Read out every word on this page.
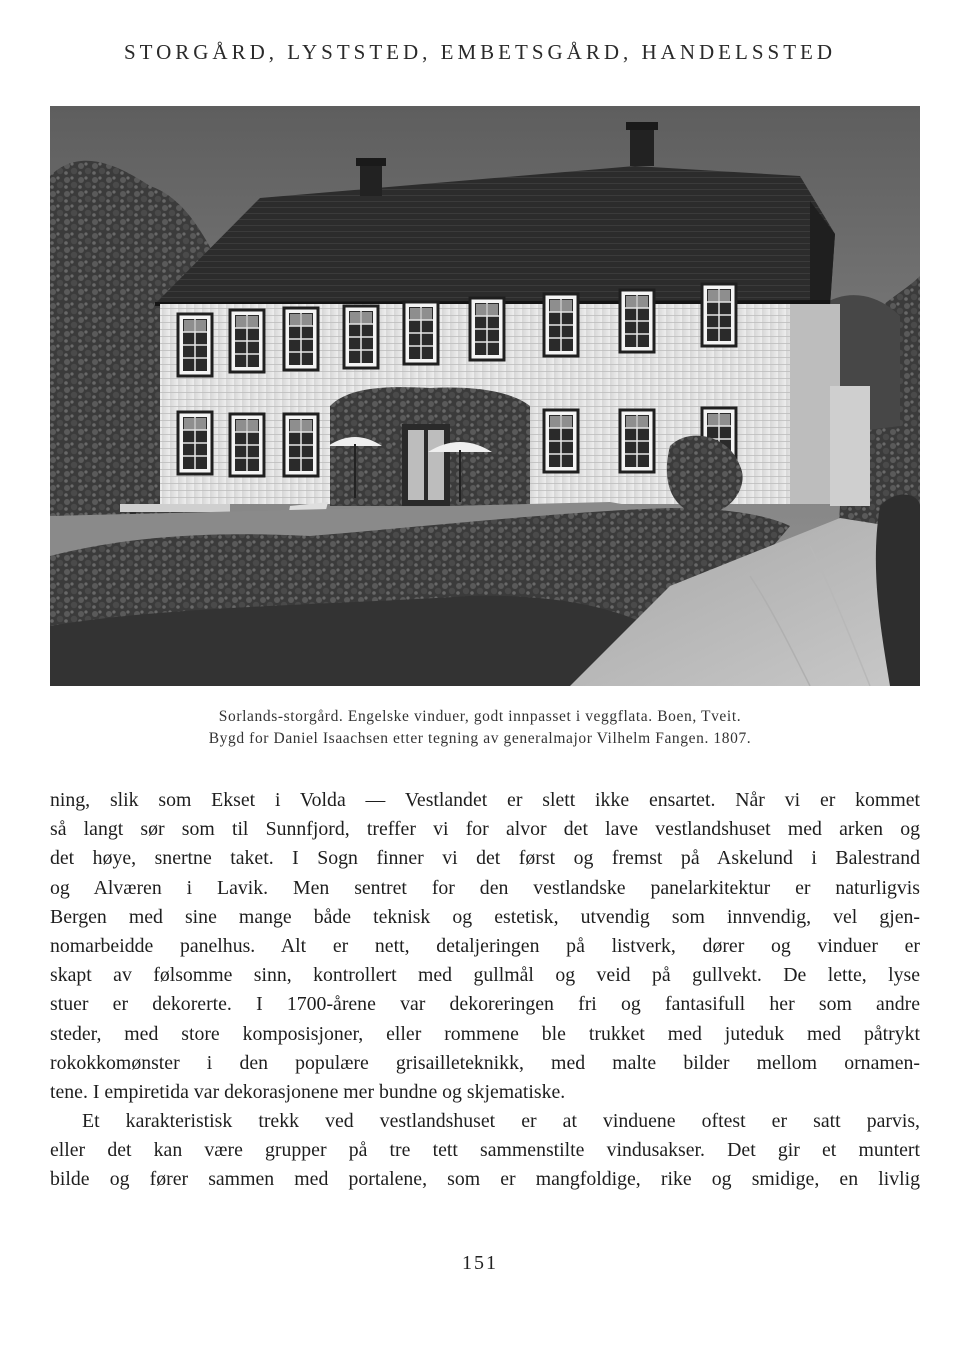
STORGÅRD, LYSTSTED, EMBETSGÅRD, HANDELSSTED
Sorlands-storgård. Engelske vinduer, godt innpasset i veggflata. Boen, Tveit.
Bygd for Daniel Isaachsen etter tegning av generalmajor Vilhelm Fangen. 1807.
ning, slik som Ekset i Volda — Vestlandet er slett ikke ensartet. Når vi er kommet
så langt sør som til Sunnfjord, treffer vi for alvor det lave vestlandshuset med arken og
det høye, snertne taket. I Sogn finner vi det først og fremst på Askelund i Balestrand
og Alværen i Lavik. Men sentret for den vestlandske panelarkitektur er naturligvis
Bergen med sine mange både teknisk og estetisk, utvendig som innvendig, vel gjen-
nomarbeidde panelhus. Alt er nett, detaljeringen på listverk, dører og vinduer er
skapt av følsomme sinn, kontrollert med gullmål og veid på gullvekt. De lette, lyse
stuer er dekorerte. I 1700-årene var dekoreringen fri og fantasifull her som andre
steder, med store komposisjoner, eller rommene ble trukket med juteduk med påtrykt
rokokkomønster i den populære grisailleteknikk, med malte bilder mellom ornamen-
tene. I empiretida var dekorasjonene mer bundne og skjematiske.
Et karakteristisk trekk ved vestlandshuset er at vinduene oftest er satt parvis,
eller det kan være grupper på tre tett sammenstilte vindusakser. Det gir et muntert
bilde og fører sammen med portalene, som er mangfoldige, rike og smidige, en livlig
151
